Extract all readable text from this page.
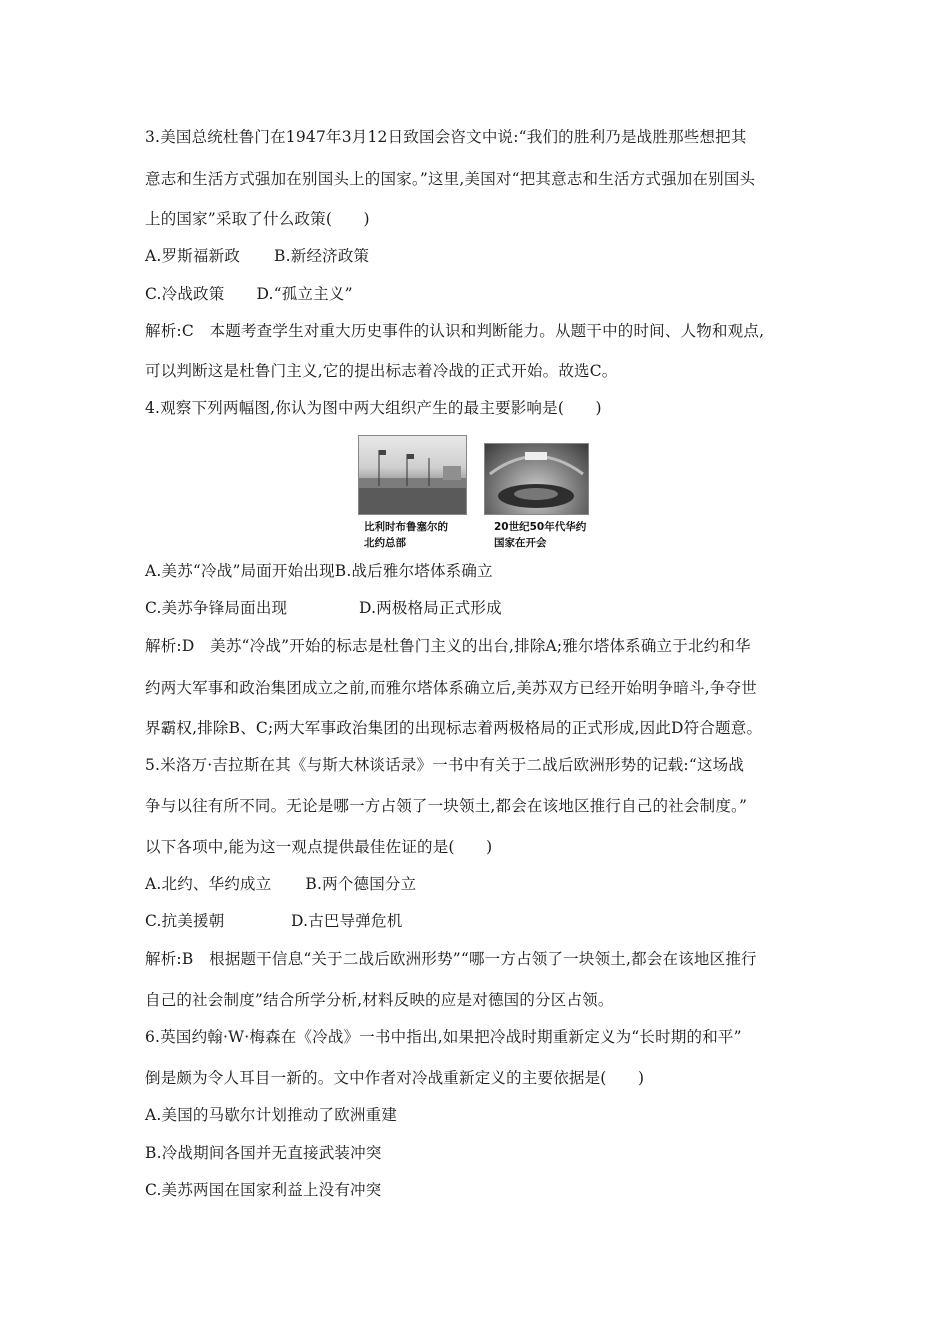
3.美国总统杜鲁门在1947年3月12日致国会咨文中说:“我们的胜利乃是战胜那些想把其
意志和生活方式强加在别国头上的国家。”这里,美国对“把其意志和生活方式强加在别国头
上的国家”采取了什么政策(　　)
A.罗斯福新政 B.新经济政策
C.冷战政策 D.“孤立主义”
解析:C　本题考查学生对重大历史事件的认识和判断能力。从题干中的时间、人物和观点,
可以判断这是杜鲁门主义,它的提出标志着冷战的正式开始。故选C。
4.观察下列两幅图,你认为图中两大组织产生的最主要影响是(　　)
比利时布鲁塞尔的
北约总部
20世纪50年代华约
国家在开会
A.美苏“冷战”局面开始出现B.战后雅尔塔体系确立
C.美苏争锋局面出现	D.两极格局正式形成
解析:D　美苏“冷战”开始的标志是杜鲁门主义的出台,排除A;雅尔塔体系确立于北约和华
约两大军事和政治集团成立之前,而雅尔塔体系确立后,美苏双方已经开始明争暗斗,争夺世
界霸权,排除B、C;两大军事政治集团的出现标志着两极格局的正式形成,因此D符合题意。
5.米洛万·吉拉斯在其《与斯大林谈话录》一书中有关于二战后欧洲形势的记载:“这场战
争与以往有所不同。无论是哪一方占领了一块领土,都会在该地区推行自己的社会制度。”
以下各项中,能为这一观点提供最佳佐证的是(　　)
A.北约、华约成立 B.两个德国分立
C.抗美援朝	D.古巴导弹危机
解析:B　根据题干信息“关于二战后欧洲形势”“哪一方占领了一块领土,都会在该地区推行
自己的社会制度”结合所学分析,材料反映的应是对德国的分区占领。
6.英国约翰·W·梅森在《冷战》一书中指出,如果把冷战时期重新定义为“长时期的和平”
倒是颇为令人耳目一新的。文中作者对冷战重新定义的主要依据是(　　)
A.美国的马歇尔计划推动了欧洲重建
B.冷战期间各国并无直接武装冲突
C.美苏两国在国家利益上没有冲突
